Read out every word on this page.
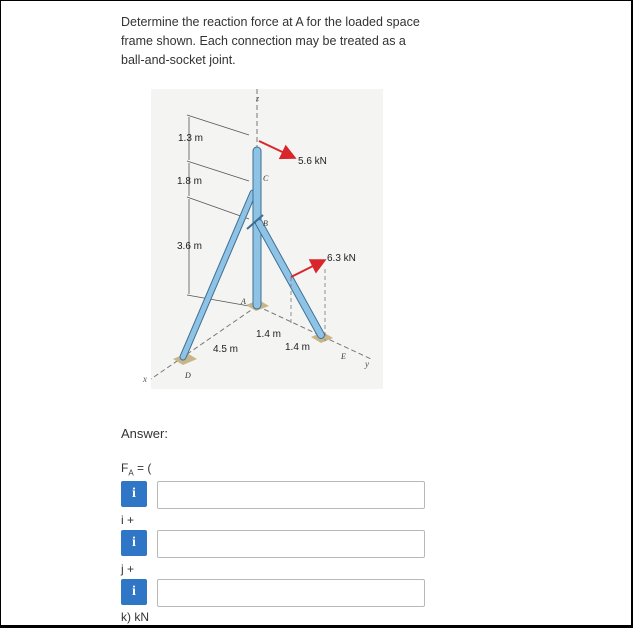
Determine the reaction force at A for the loaded space frame shown. Each connection may be treated as a ball-and-socket joint.
z
x
y
1.3 m
1.8 m
3.6 m
5.6 kN
6.3 kN
C
B
A
D
E
4.5 m
1.4 m
1.4 m
Answer:
$F_A$ = (
i
i +
i
j +
i
k) kN
